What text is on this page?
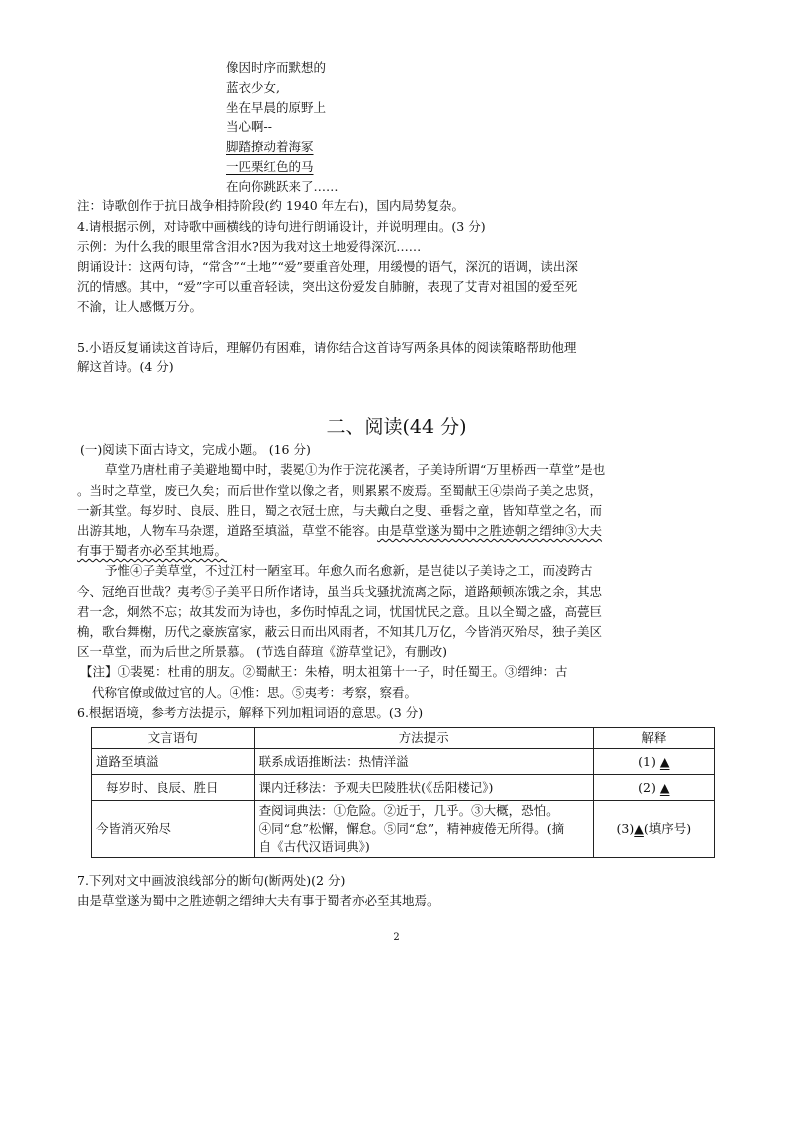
像因时序而默想的
蓝衣少女,
坐在早晨的原野上
当心啊--
脚踏撩动着海冢
一匹栗红色的马
在向你跳跃来了……
注：诗歌创作于抗日战争相持阶段(约 1940 年左右)，国内局势复杂。
4.请根据示例，对诗歌中画横线的诗句进行朗诵设计，并说明理由。(3 分)
示例：为什么我的眼里常含泪水?因为我对这土地爱得深沉……
朗诵设计：这两句诗，“常含”“土地”“爱”要重音处理，用缓慢的语气，深沉的语调，读出深
沉的情感。其中，“爱”字可以重音轻读，突出这份爱发自肺腑，表现了艾青对祖国的爱至死
不渝，让人感慨万分。
5.小语反复诵读这首诗后，理解仍有困难，请你结合这首诗写两条具体的阅读策略帮助他理
解这首诗。(4 分)
二、阅读(44 分)
(一)阅读下面古诗文，完成小题。 (16 分)
草堂乃唐杜甫子美避地蜀中时，裴冕①为作于浣花溪者，子美诗所谓“万里桥西一草堂”是也
。当时之草堂，废已久矣；而后世作堂以像之者，则累累不废焉。至蜀献王④崇尚子美之忠贤，
一新其堂。每岁时、良辰、胜日，蜀之衣冠士庶，与夫戴白之叟、垂髫之童，皆知草堂之名，而
出游其地，人物车马杂遝，道路至填溢，草堂不能容。由是草堂遂为蜀中之胜迹朝之缙绅③大夫
有事于蜀者亦必至其地焉。
予惟④子美草堂，不过江村一陋室耳。年愈久而名愈新，是岂徒以子美诗之工，而凌跨古
今、冠绝百世哉？夷考⑤子美平日所作诸诗，虽当兵戈骚扰流离之际，道路颠顿冻饿之余，其忠
君一念，炯然不忘；故其发而为诗也，多伤时悼乱之词，忧国忧民之意。且以全蜀之盛，高甍巨
桷，歌台舞榭，历代之豪族富家，蔽云日而出风雨者，不知其几万亿，今皆消灭殆尽，独子美区
区一草堂，而为后世之所景慕。 (节选自薛瑄《游草堂记》，有删改)
【注】①裴冕：杜甫的朋友。②蜀献王：朱椿，明太祖第十一子，时任蜀王。③缙绅：古
代称官僚或做过官的人。④惟：思。⑤夷考：考察，察看。
6.根据语境，参考方法提示，解释下列加粗词语的意思。(3 分)
文言语句	方法提示	解释
道路至填溢	联系成语推断法：热情洋溢	(1) ▲
每岁时、良辰、胜日	课内迁移法：予观夫巴陵胜状(《岳阳楼记》)	(2) ▲
今皆消灭殆尽	查阅词典法：①危险。②近于，几乎。③大概，恐怕。
④同“怠”松懈，懈怠。⑤同“怠”，精神疲倦无所得。(摘
自《古代汉语词典》)	(3)▲(填序号)
7.下列对文中画波浪线部分的断句(断两处)(2 分)
由是草堂遂为蜀中之胜迹朝之缙绅大夫有事于蜀者亦必至其地焉。
2
